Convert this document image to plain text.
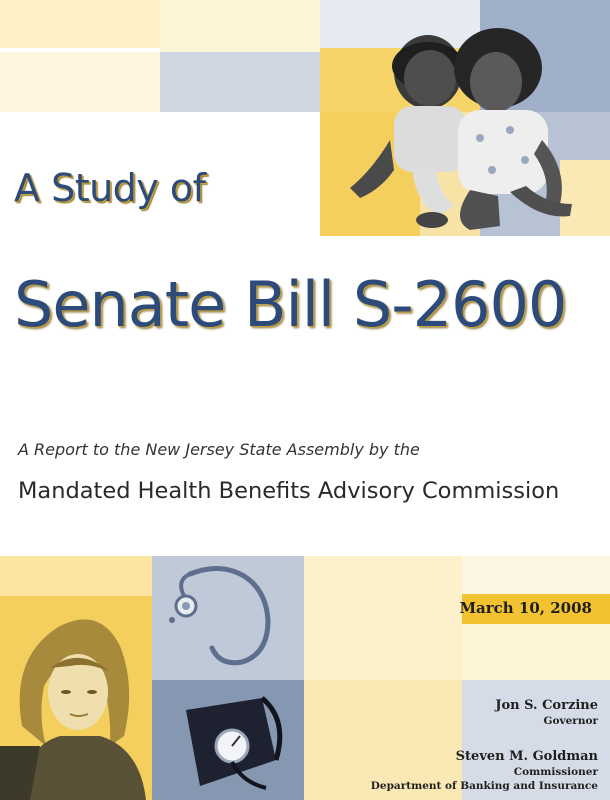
A Study of
Senate Bill S-2600
A Report to the New Jersey State Assembly by the
Mandated Health Benefits Advisory Commission
March 10, 2008
Jon S. Corzine
Governor
Steven M. Goldman
Commissioner
Department of Banking and Insurance
